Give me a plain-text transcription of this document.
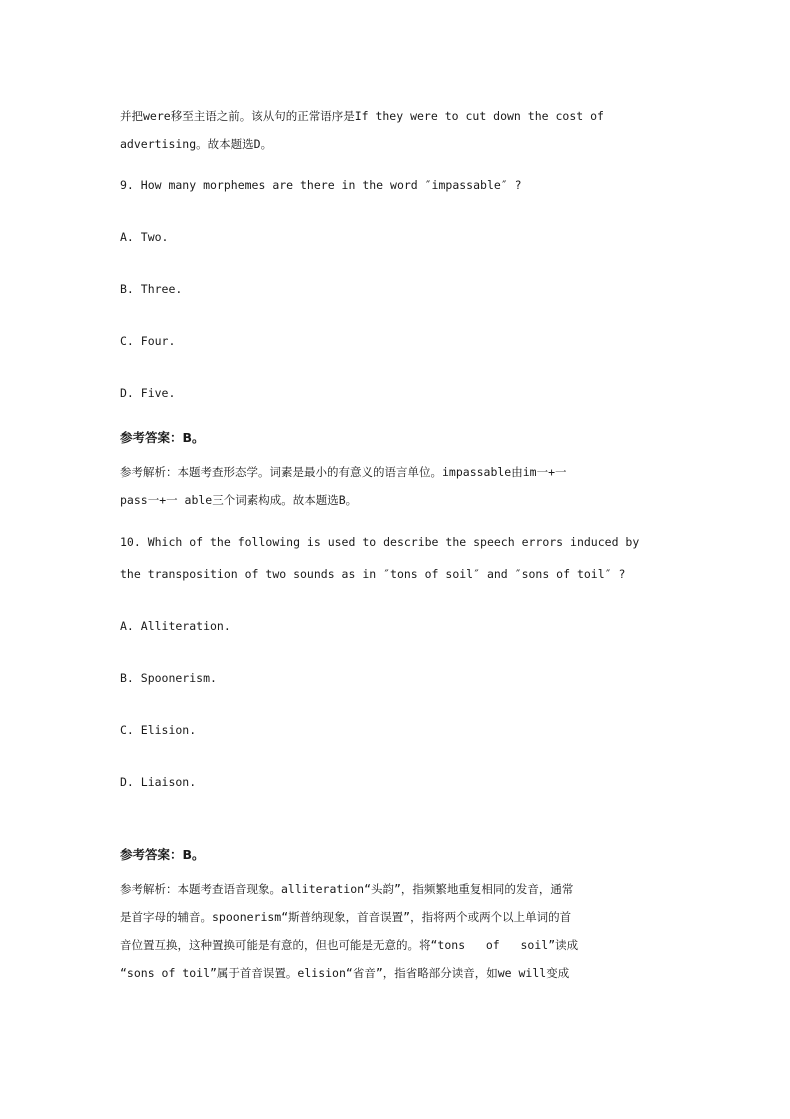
并把were移至主语之前。该从句的正常语序是If they were to cut down the cost of
advertising。故本题选D。
9. How many morphemes are there in the word ″impassable″ ?
A. Two.
B. Three.
C. Four.
D. Five.
参考答案：B。
参考解析：本题考查形态学。词素是最小的有意义的语言单位。impassable由im一+一
pass一+一 able三个词素构成。故本题选B。
10. Which of the following is used to describe the speech errors induced by
the transposition of two sounds as in ″tons of soil″ and ″sons of toil″ ?
A. Alliteration.
B. Spoonerism.
C. Elision.
D. Liaison.
参考答案：B。
参考解析：本题考查语音现象。alliteration“头韵”，指频繁地重复相同的发音，通常
是首字母的辅音。spoonerism“斯普纳现象，首音误置”，指将两个或两个以上单词的首
音位置互换，这种置换可能是有意的，但也可能是无意的。将“tons   of   soil”读成
“sons of toil”属于首音误置。elision“省音”，指省略部分读音，如we will变成
